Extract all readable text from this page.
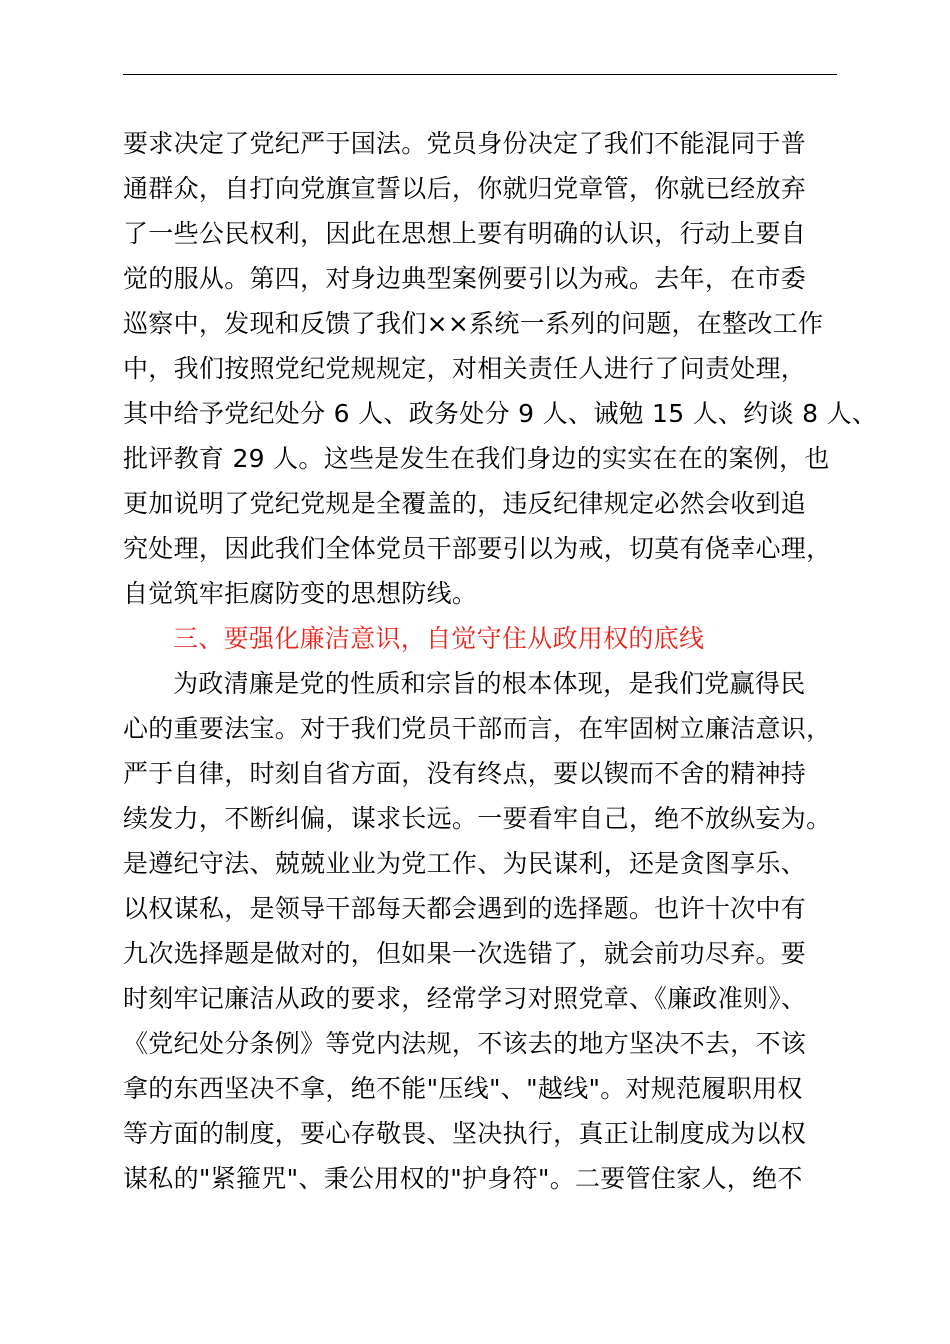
要求决定了党纪严于国法。党员身份决定了我们不能混同于普
通群众，自打向党旗宣誓以后，你就归党章管，你就已经放弃
了一些公民权利，因此在思想上要有明确的认识，行动上要自
觉的服从。第四，对身边典型案例要引以为戒。去年，在市委
巡察中，发现和反馈了我们××系统一系列的问题，在整改工作
中，我们按照党纪党规规定，对相关责任人进行了问责处理，
其中给予党纪处分 6 人、政务处分 9 人、诫勉 15 人、约谈 8 人、
批评教育 29 人。这些是发生在我们身边的实实在在的案例，也
更加说明了党纪党规是全覆盖的，违反纪律规定必然会收到追
究处理，因此我们全体党员干部要引以为戒，切莫有侥幸心理，
自觉筑牢拒腐防变的思想防线。
三、要强化廉洁意识，自觉守住从政用权的底线
为政清廉是党的性质和宗旨的根本体现，是我们党赢得民
心的重要法宝。对于我们党员干部而言，在牢固树立廉洁意识，
严于自律，时刻自省方面，没有终点，要以锲而不舍的精神持
续发力，不断纠偏，谋求长远。一要看牢自己，绝不放纵妄为。
是遵纪守法、兢兢业业为党工作、为民谋利，还是贪图享乐、
以权谋私，是领导干部每天都会遇到的选择题。也许十次中有
九次选择题是做对的，但如果一次选错了，就会前功尽弃。要
时刻牢记廉洁从政的要求，经常学习对照党章、《廉政准则》、
《党纪处分条例》等党内法规，不该去的地方坚决不去，不该
拿的东西坚决不拿，绝不能"压线"、"越线"。对规范履职用权
等方面的制度，要心存敬畏、坚决执行，真正让制度成为以权
谋私的"紧箍咒"、秉公用权的"护身符"。二要管住家人，绝不
